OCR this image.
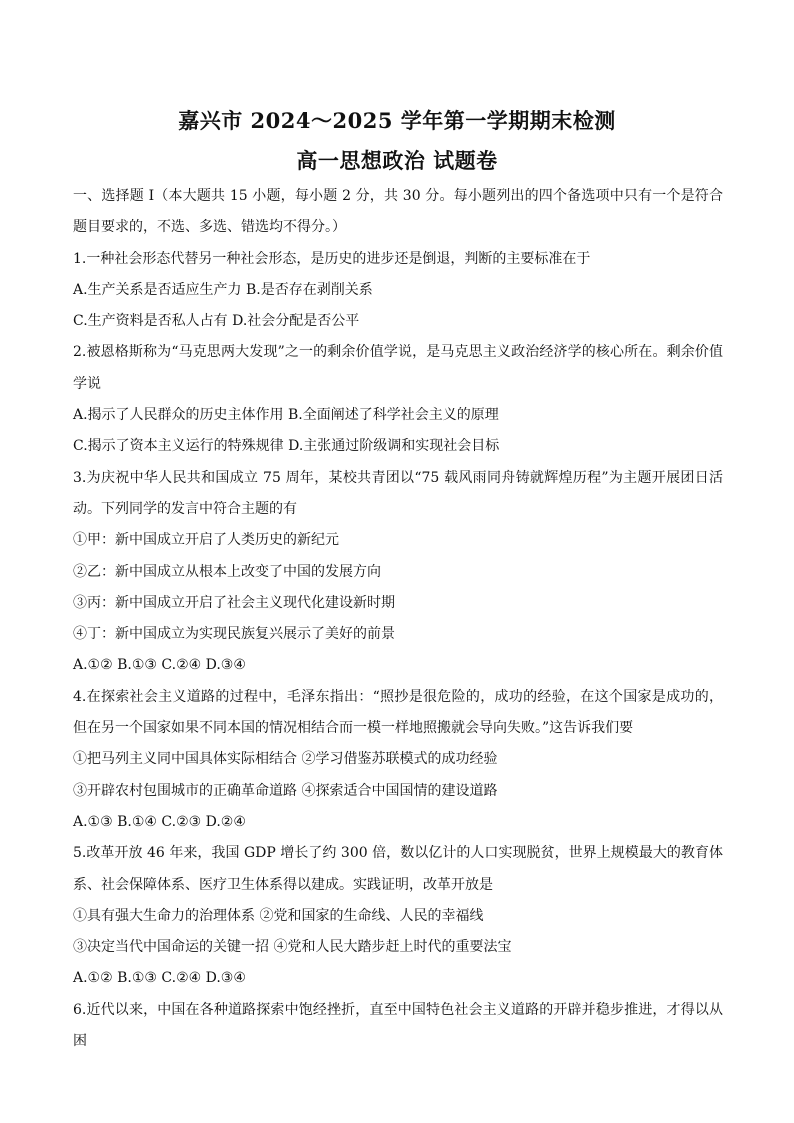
嘉兴市 2024～2025 学年第一学期期末检测
高一思想政治 试题卷

一、选择题 I（本大题共 15 小题，每小题 2 分，共 30 分。每小题列出的四个备选项中只有一个是符合题目要求的，不选、多选、错选均不得分。）

1.一种社会形态代替另一种社会形态，是历史的进步还是倒退，判断的主要标准在于

A.生产关系是否适应生产力 B.是否存在剥削关系

C.生产资料是否私人占有 D.社会分配是否公平

2.被恩格斯称为“马克思两大发现”之一的剩余价值学说，是马克思主义政治经济学的核心所在。剩余价值学说

A.揭示了人民群众的历史主体作用 B.全面阐述了科学社会主义的原理

C.揭示了资本主义运行的特殊规律 D.主张通过阶级调和实现社会目标

3.为庆祝中华人民共和国成立 75 周年，某校共青团以“75 载风雨同舟铸就辉煌历程”为主题开展团日活动。下列同学的发言中符合主题的有

①甲：新中国成立开启了人类历史的新纪元

②乙：新中国成立从根本上改变了中国的发展方向

③丙：新中国成立开启了社会主义现代化建设新时期

④丁：新中国成立为实现民族复兴展示了美好的前景

A.①② B.①③ C.②④ D.③④

4.在探索社会主义道路的过程中，毛泽东指出：“照抄是很危险的，成功的经验，在这个国家是成功的，但在另一个国家如果不同本国的情况相结合而一模一样地照搬就会导向失败。”这告诉我们要

①把马列主义同中国具体实际相结合 ②学习借鉴苏联模式的成功经验

③开辟农村包围城市的正确革命道路 ④探索适合中国国情的建设道路

A.①③ B.①④ C.②③ D.②④

5.改革开放 46 年来，我国 GDP 增长了约 300 倍，数以亿计的人口实现脱贫，世界上规模最大的教育体系、社会保障体系、医疗卫生体系得以建成。实践证明，改革开放是

①具有强大生命力的治理体系 ②党和国家的生命线、人民的幸福线

③决定当代中国命运的关键一招 ④党和人民大踏步赶上时代的重要法宝

A.①② B.①③ C.②④ D.③④

6.近代以来，中国在各种道路探索中饱经挫折，直至中国特色社会主义道路的开辟并稳步推进，才得以从困
